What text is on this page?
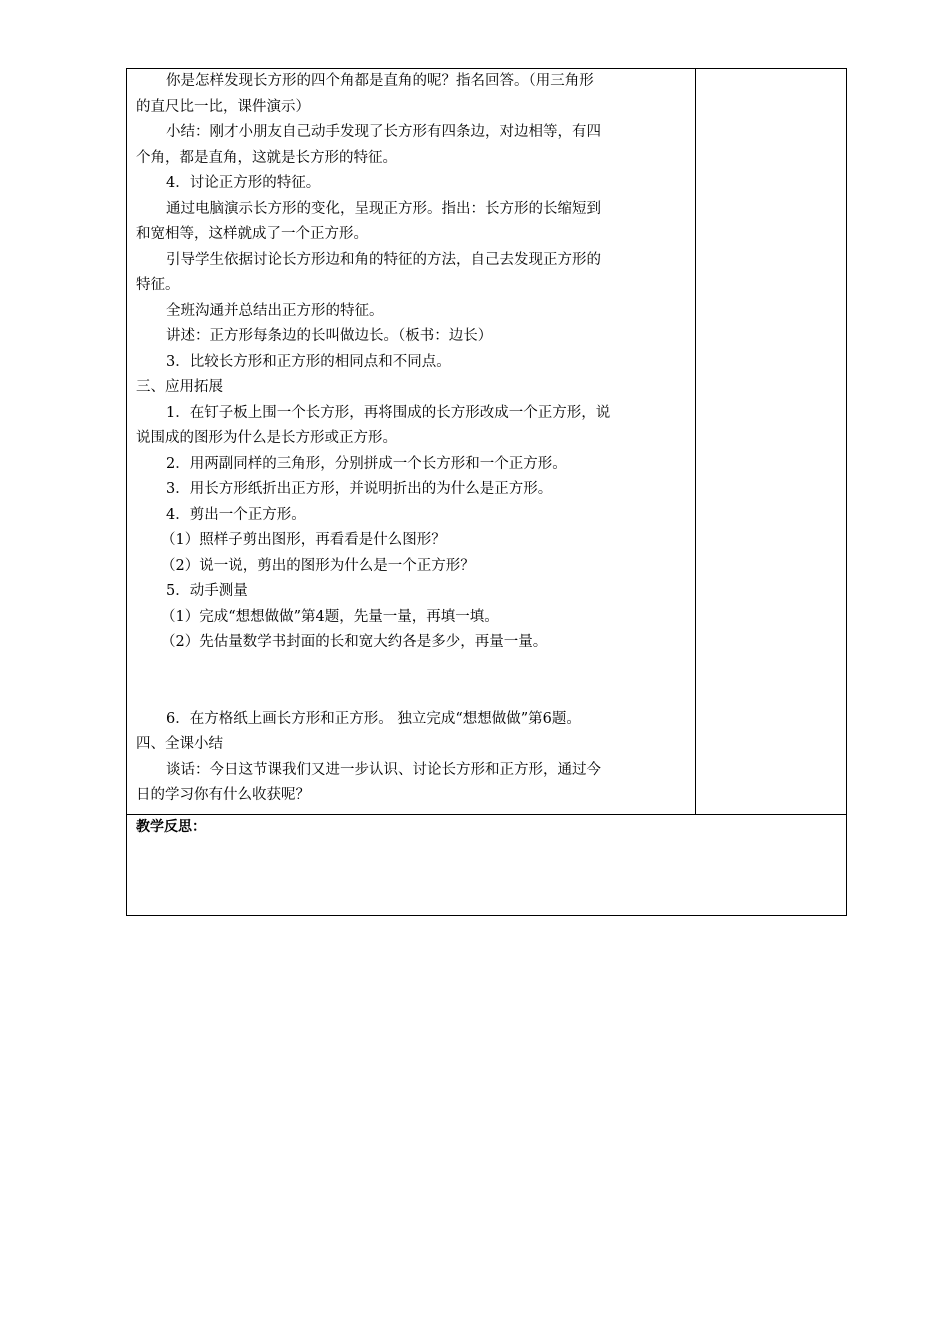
你是怎样发现长方形的四个角都是直角的呢？指名回答。（用三角形
的直尺比一比，课件演示）
小结：刚才小朋友自己动手发现了长方形有四条边，对边相等，有四
个角，都是直角，这就是长方形的特征。
4．讨论正方形的特征。
通过电脑演示长方形的变化，呈现正方形。指出：长方形的长缩短到
和宽相等，这样就成了一个正方形。
引导学生依据讨论长方形边和角的特征的方法，自己去发现正方形的
特征。
全班沟通并总结出正方形的特征。
讲述：正方形每条边的长叫做边长。（板书：边长）
3．比较长方形和正方形的相同点和不同点。
三、应用拓展
1．在钉子板上围一个长方形，再将围成的长方形改成一个正方形，说
说围成的图形为什么是长方形或正方形。
2．用两副同样的三角形，分别拼成一个长方形和一个正方形。
3．用长方形纸折出正方形，并说明折出的为什么是正方形。
4．剪出一个正方形。
（1）照样子剪出图形，再看看是什么图形？
（2）说一说，剪出的图形为什么是一个正方形？
5．动手测量
（1）完成“想想做做”第4题，先量一量，再填一填。
（2）先估量数学书封面的长和宽大约各是多少，再量一量。
6．在方格纸上画长方形和正方形。 独立完成“想想做做”第6题。
四、全课小结
谈话：今日这节课我们又进一步认识、讨论长方形和正方形，通过今
日的学习你有什么收获呢？
教学反思：
